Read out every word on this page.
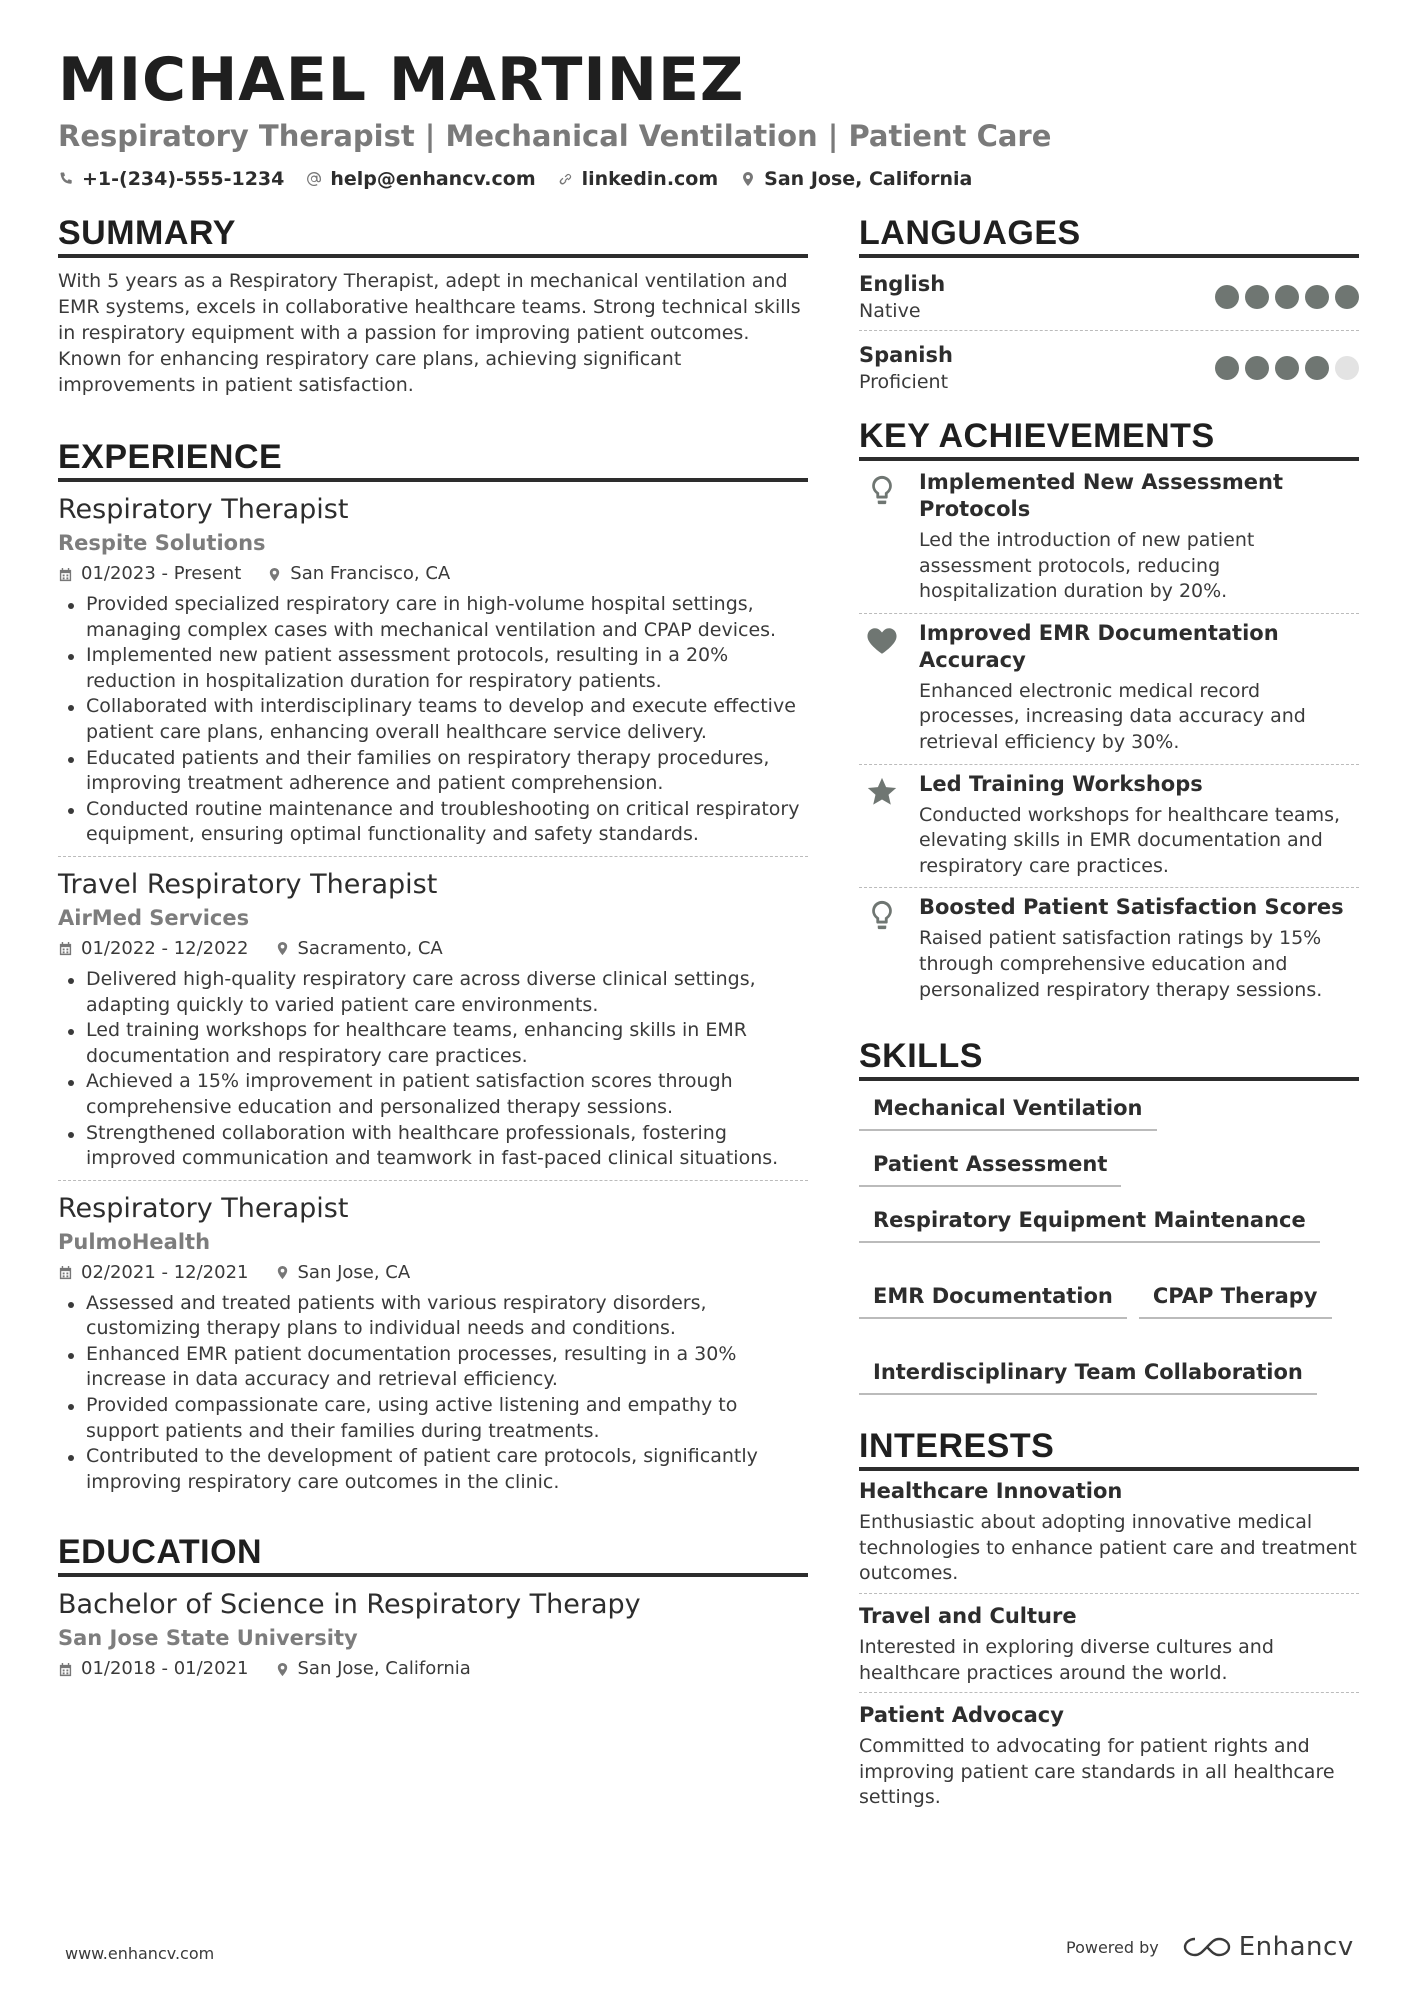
MICHAEL MARTINEZ
Respiratory Therapist | Mechanical Ventilation | Patient Care
+1-(234)-555-1234 help@enhancv.com linkedin.com San Jose, California
SUMMARY
With 5 years as a Respiratory Therapist, adept in mechanical ventilation and EMR systems, excels in collaborative healthcare teams. Strong technical skills in respiratory equipment with a passion for improving patient outcomes. Known for enhancing respiratory care plans, achieving significant improvements in patient satisfaction.
EXPERIENCE
Respiratory Therapist
Respite Solutions
01/2023 - Present	San Francisco, CA
Provided specialized respiratory care in high-volume hospital settings, managing complex cases with mechanical ventilation and CPAP devices.
Implemented new patient assessment protocols, resulting in a 20% reduction in hospitalization duration for respiratory patients.
Collaborated with interdisciplinary teams to develop and execute effective patient care plans, enhancing overall healthcare service delivery.
Educated patients and their families on respiratory therapy procedures, improving treatment adherence and patient comprehension.
Conducted routine maintenance and troubleshooting on critical respiratory equipment, ensuring optimal functionality and safety standards.
Travel Respiratory Therapist
AirMed Services
01/2022 - 12/2022	Sacramento, CA
Delivered high-quality respiratory care across diverse clinical settings, adapting quickly to varied patient care environments.
Led training workshops for healthcare teams, enhancing skills in EMR documentation and respiratory care practices.
Achieved a 15% improvement in patient satisfaction scores through comprehensive education and personalized therapy sessions.
Strengthened collaboration with healthcare professionals, fostering improved communication and teamwork in fast-paced clinical situations.
Respiratory Therapist
PulmoHealth
02/2021 - 12/2021	San Jose, CA
Assessed and treated patients with various respiratory disorders, customizing therapy plans to individual needs and conditions.
Enhanced EMR patient documentation processes, resulting in a 30% increase in data accuracy and retrieval efficiency.
Provided compassionate care, using active listening and empathy to support patients and their families during treatments.
Contributed to the development of patient care protocols, significantly improving respiratory care outcomes in the clinic.
EDUCATION
Bachelor of Science in Respiratory Therapy
San Jose State University
01/2018 - 01/2021	San Jose, California
LANGUAGES
English
Native
Spanish
Proficient
KEY ACHIEVEMENTS
Implemented New Assessment Protocols
Led the introduction of new patient assessment protocols, reducing hospitalization duration by 20%.
Improved EMR Documentation Accuracy
Enhanced electronic medical record processes, increasing data accuracy and retrieval efficiency by 30%.
Led Training Workshops
Conducted workshops for healthcare teams, elevating skills in EMR documentation and respiratory care practices.
Boosted Patient Satisfaction Scores
Raised patient satisfaction ratings by 15% through comprehensive education and personalized respiratory therapy sessions.
SKILLS
Mechanical Ventilation
Patient Assessment
Respiratory Equipment Maintenance
EMR Documentation	CPAP Therapy
Interdisciplinary Team Collaboration
INTERESTS
Healthcare Innovation
Enthusiastic about adopting innovative medical technologies to enhance patient care and treatment outcomes.
Travel and Culture
Interested in exploring diverse cultures and healthcare practices around the world.
Patient Advocacy
Committed to advocating for patient rights and improving patient care standards in all healthcare settings.
www.enhancv.com	Powered by	Enhancv
